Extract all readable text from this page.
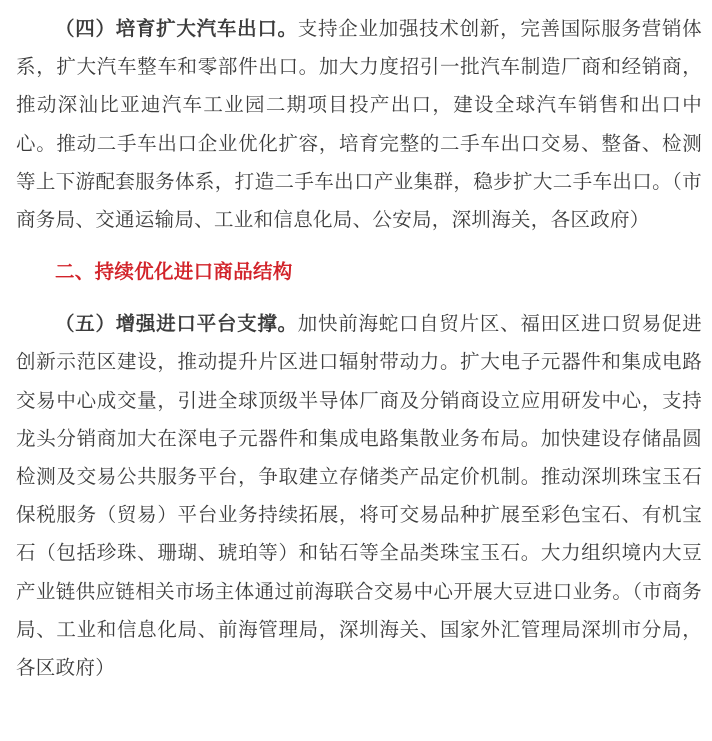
（四）培育扩大汽车出口。支持企业加强技术创新，完善国际服务营销体系，扩大汽车整车和零部件出口。加大力度招引一批汽车制造厂商和经销商，推动深汕比亚迪汽车工业园二期项目投产出口，建设全球汽车销售和出口中心。推动二手车出口企业优化扩容，培育完整的二手车出口交易、整备、检测等上下游配套服务体系，打造二手车出口产业集群，稳步扩大二手车出口。（市商务局、交通运输局、工业和信息化局、公安局，深圳海关，各区政府）

二、持续优化进口商品结构

（五）增强进口平台支撑。加快前海蛇口自贸片区、福田区进口贸易促进创新示范区建设，推动提升片区进口辐射带动力。扩大电子元器件和集成电路交易中心成交量，引进全球顶级半导体厂商及分销商设立应用研发中心，支持龙头分销商加大在深电子元器件和集成电路集散业务布局。加快建设存储晶圆检测及交易公共服务平台，争取建立存储类产品定价机制。推动深圳珠宝玉石保税服务（贸易）平台业务持续拓展，将可交易品种扩展至彩色宝石、有机宝石（包括珍珠、珊瑚、琥珀等）和钻石等全品类珠宝玉石。大力组织境内大豆产业链供应链相关市场主体通过前海联合交易中心开展大豆进口业务。（市商务局、工业和信息化局、前海管理局，深圳海关、国家外汇管理局深圳市分局，各区政府）
